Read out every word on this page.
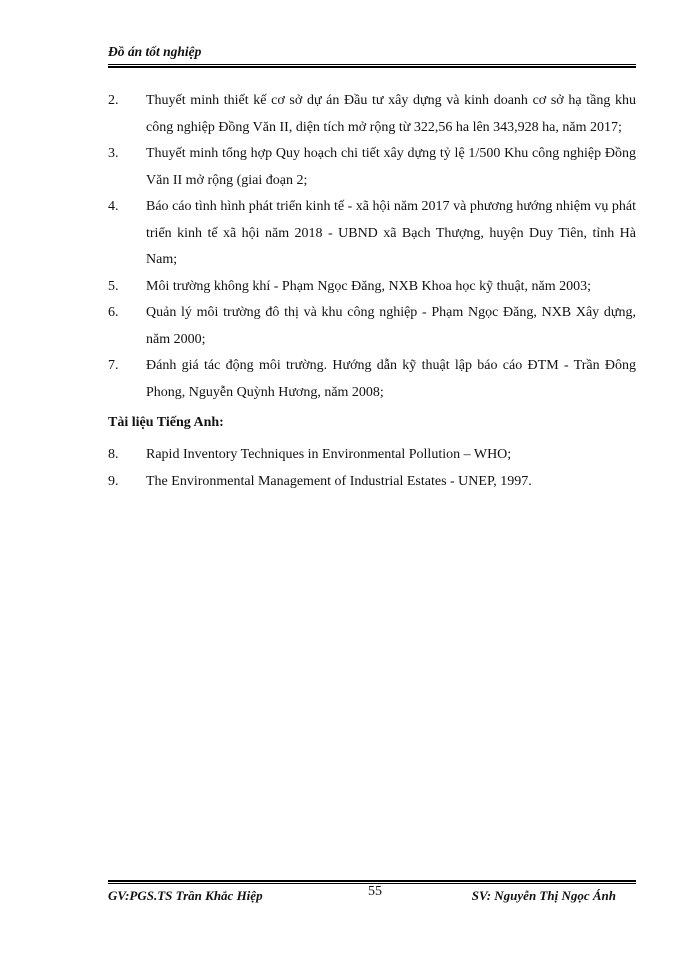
Đồ án tốt nghiệp
2.	Thuyết minh thiết kế cơ sở dự án Đầu tư xây dựng và kinh doanh cơ sở hạ tầng khu công nghiệp Đồng Văn II, diện tích mở rộng từ 322,56 ha lên 343,928 ha, năm 2017;
3.	Thuyết minh tổng hợp Quy hoạch chi tiết xây dựng tỷ lệ 1/500 Khu công nghiệp Đồng Văn II mở rộng (giai đoạn 2;
4.	Báo cáo tình hình phát triển kinh tế - xã hội năm 2017 và phương hướng nhiệm vụ phát triển kinh tế xã hội năm 2018 - UBND xã Bạch Thượng, huyện Duy Tiên, tỉnh Hà Nam;
5.	Môi trường không khí - Phạm Ngọc Đăng, NXB Khoa học kỹ thuật, năm 2003;
6.	Quản lý môi trường đô thị và khu công nghiệp - Phạm Ngọc Đăng, NXB Xây dựng, năm 2000;
7.	Đánh giá tác động môi trường. Hướng dẫn kỹ thuật lập báo cáo ĐTM - Trần Đông Phong, Nguyễn Quỳnh Hương, năm 2008;
Tài liệu Tiếng Anh:
8.	Rapid Inventory Techniques in Environmental Pollution – WHO;
9.	The Environmental Management of Industrial Estates - UNEP, 1997.
GV:PGS.TS Trần Khắc Hiệp	55	SV: Nguyễn Thị Ngọc Ánh
